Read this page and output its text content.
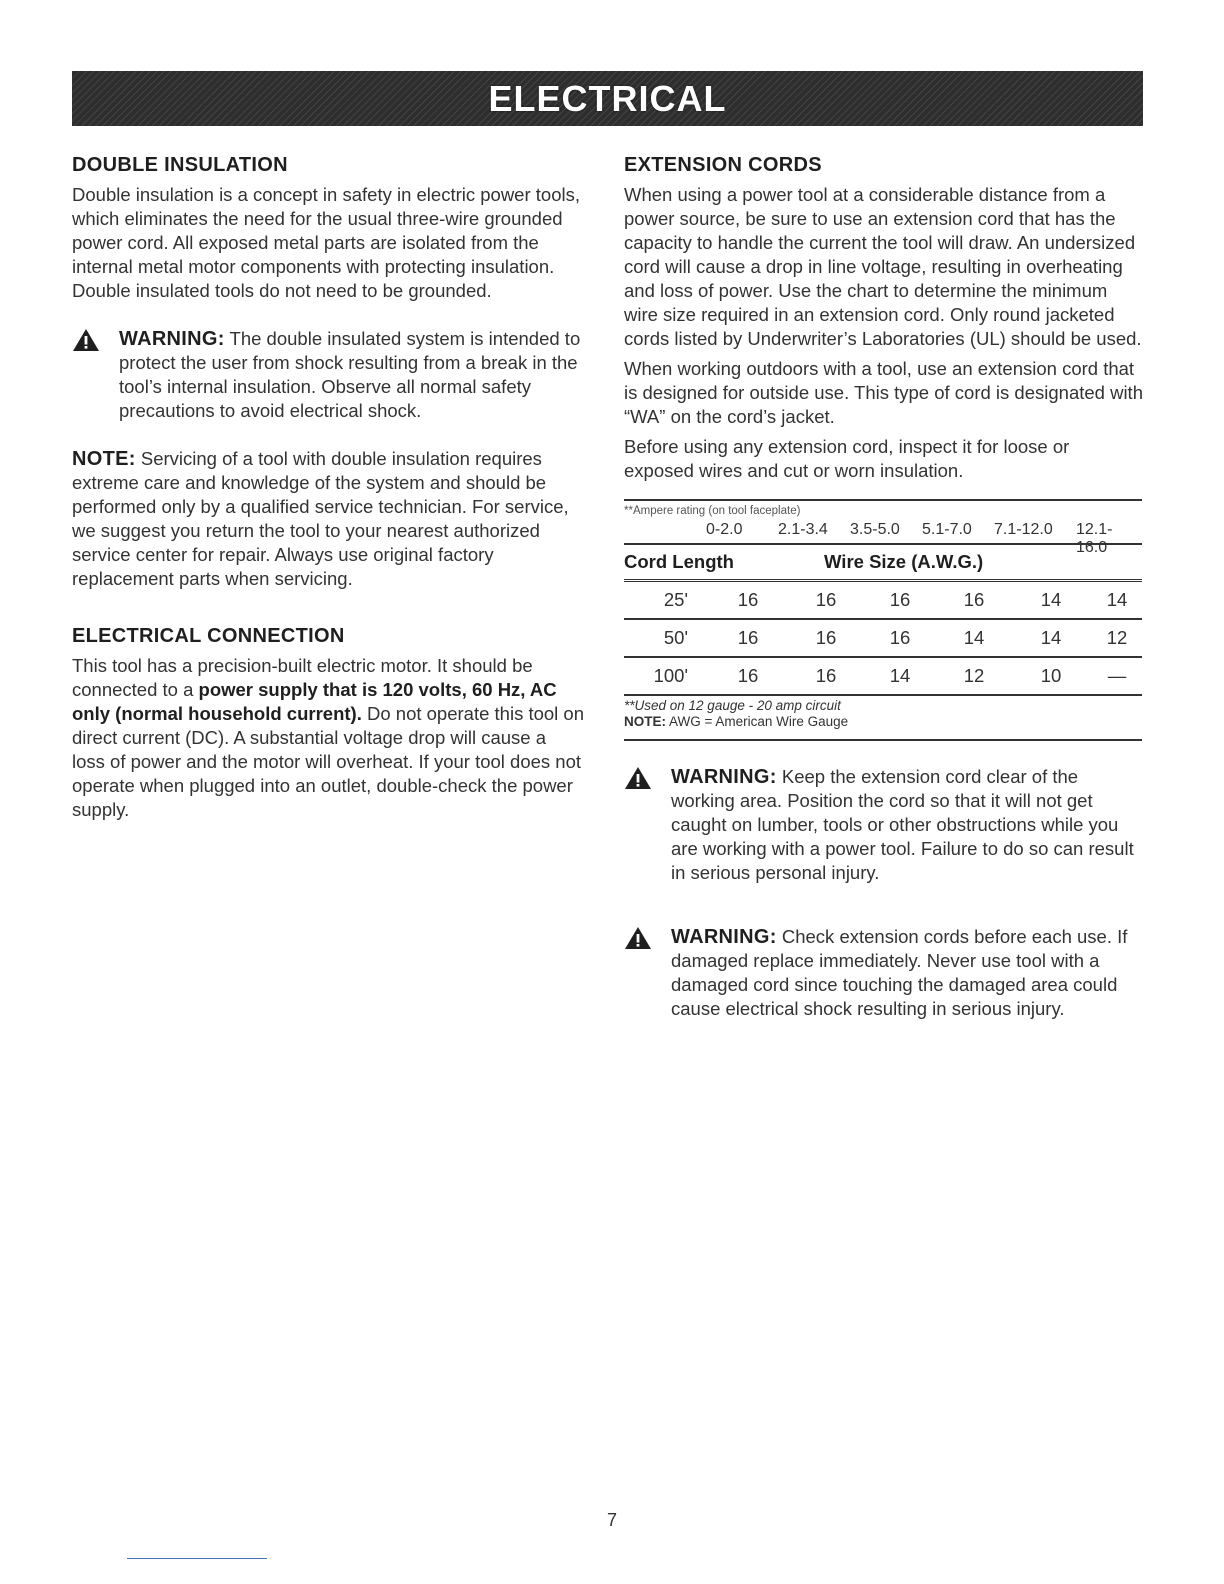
ELECTRICAL
DOUBLE INSULATION

Double insulation is a concept in safety in electric power tools, which eliminates the need for the usual three-wire grounded power cord. All exposed metal parts are isolated from the internal metal motor components with protecting insulation. Double insulated tools do not need to be grounded.

WARNING: The double insulated system is intended to protect the user from shock resulting from a break in the tool’s internal insulation. Observe all normal safety precautions to avoid electrical shock.

NOTE: Servicing of a tool with double insulation requires extreme care and knowledge of the system and should be performed only by a qualified service technician. For service, we suggest you return the tool to your nearest authorized service center for repair. Always use original factory replacement parts when servicing.

ELECTRICAL CONNECTION

This tool has a precision-built electric motor. It should be connected to a power supply that is 120 volts, 60 Hz, AC only (normal household current). Do not operate this tool on direct current (DC). A substantial voltage drop will cause a loss of power and the motor will overheat. If your tool does not operate when plugged into an outlet, double-check the power supply.

EXTENSION CORDS

When using a power tool at a considerable distance from a power source, be sure to use an extension cord that has the capacity to handle the current the tool will draw. An undersized cord will cause a drop in line voltage, resulting in overheating and loss of power. Use the chart to determine the minimum wire size required in an extension cord. Only round jacketed cords listed by Underwriter’s Laboratories (UL) should be used.

When working outdoors with a tool, use an extension cord that is designed for outside use. This type of cord is designated with “WA” on the cord’s jacket.

Before using any extension cord, inspect it for loose or exposed wires and cut or worn insulation.

**Ampere rating (on tool faceplate)
0-2.0	2.1-3.4	3.5-5.0	5.1-7.0	7.1-12.0	12.1-16.0
Cord Length	Wire Size (A.W.G.)
25'	16	16	16	16	14	14
50'	16	16	16	14	14	12
100'	16	16	14	12	10	—
**Used on 12 gauge - 20 amp circuit
NOTE: AWG = American Wire Gauge

WARNING: Keep the extension cord clear of the working area. Position the cord so that it will not get caught on lumber, tools or other obstructions while you are working with a power tool. Failure to do so can result in serious personal injury.

WARNING: Check extension cords before each use. If damaged replace immediately. Never use tool with a damaged cord since touching the damaged area could cause electrical shock resulting in serious injury.

7
